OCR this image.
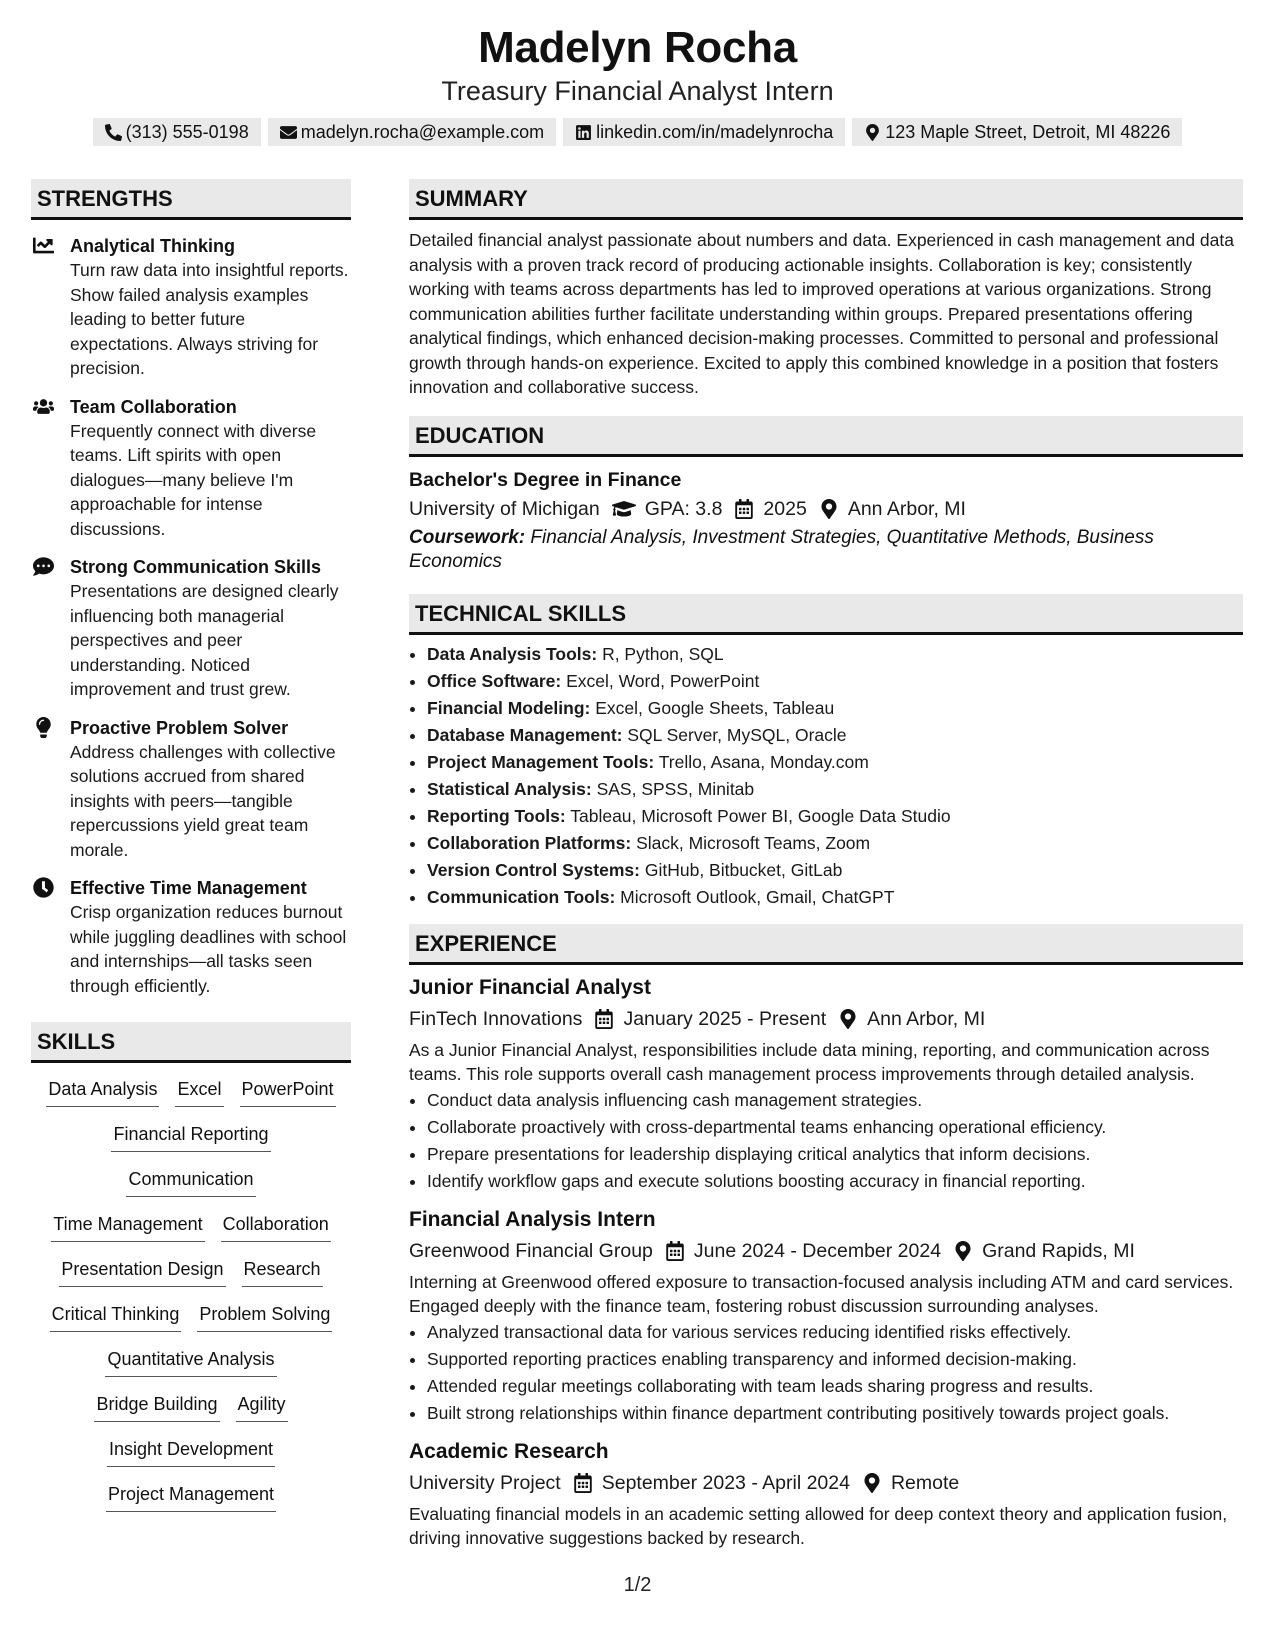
Madelyn Rocha
Treasury Financial Analyst Intern
(313) 555-0198	madelyn.rocha@example.com	linkedin.com/in/madelynrocha	123 Maple Street, Detroit, MI 48226
STRENGTHS
Analytical Thinking

Turn raw data into insightful reports. Show failed analysis examples leading to better future expectations. Always striving for precision.

Team Collaboration

Frequently connect with diverse teams. Lift spirits with open dialogues—many believe I'm approachable for intense discussions.

Strong Communication Skills

Presentations are designed clearly influencing both managerial perspectives and peer understanding. Noticed improvement and trust grew.

Proactive Problem Solver

Address challenges with collective solutions accrued from shared insights with peers—tangible repercussions yield great team morale.

Effective Time Management

Crisp organization reduces burnout while juggling deadlines with school and internships—all tasks seen through efficiently.

SKILLS
Data Analysis Excel PowerPoint
Financial Reporting
Communication
Time Management Collaboration
Presentation Design Research
Critical Thinking Problem Solving
Quantitative Analysis
Bridge Building Agility
Insight Development
Project Management
SUMMARY

Detailed financial analyst passionate about numbers and data. Experienced in cash management and data analysis with a proven track record of producing actionable insights. Collaboration is key; consistently working with teams across departments has led to improved operations at various organizations. Strong communication abilities further facilitate understanding within groups. Prepared presentations offering analytical findings, which enhanced decision-making processes. Committed to personal and professional growth through hands-on experience. Excited to apply this combined knowledge in a position that fosters innovation and collaborative success.

EDUCATION
Bachelor's Degree in Finance
University of Michigan GPA: 3.8 2025 Ann Arbor, MI
Coursework: Financial Analysis, Investment Strategies, Quantitative Methods, Business Economics
TECHNICAL SKILLS
• Data Analysis Tools: R, Python, SQL
• Office Software: Excel, Word, PowerPoint
• Financial Modeling: Excel, Google Sheets, Tableau
• Database Management: SQL Server, MySQL, Oracle
• Project Management Tools: Trello, Asana, Monday.com
• Statistical Analysis: SAS, SPSS, Minitab
• Reporting Tools: Tableau, Microsoft Power BI, Google Data Studio
• Collaboration Platforms: Slack, Microsoft Teams, Zoom
• Version Control Systems: GitHub, Bitbucket, GitLab
• Communication Tools: Microsoft Outlook, Gmail, ChatGPT
EXPERIENCE
Junior Financial Analyst
FinTech Innovations January 2025 - Present Ann Arbor, MI

As a Junior Financial Analyst, responsibilities include data mining, reporting, and communication across teams. This role supports overall cash management process improvements through detailed analysis.

• Conduct data analysis influencing cash management strategies.
• Collaborate proactively with cross-departmental teams enhancing operational efficiency.
• Prepare presentations for leadership displaying critical analytics that inform decisions.
• Identify workflow gaps and execute solutions boosting accuracy in financial reporting.
Financial Analysis Intern
Greenwood Financial Group June 2024 - December 2024 Grand Rapids, MI

Interning at Greenwood offered exposure to transaction-focused analysis including ATM and card services. Engaged deeply with the finance team, fostering robust discussion surrounding analyses.

• Analyzed transactional data for various services reducing identified risks effectively.
• Supported reporting practices enabling transparency and informed decision-making.
• Attended regular meetings collaborating with team leads sharing progress and results.
• Built strong relationships within finance department contributing positively towards project goals.
Academic Research
University Project September 2023 - April 2024 Remote

Evaluating financial models in an academic setting allowed for deep context theory and application fusion, driving innovative suggestions backed by research.

1/2
